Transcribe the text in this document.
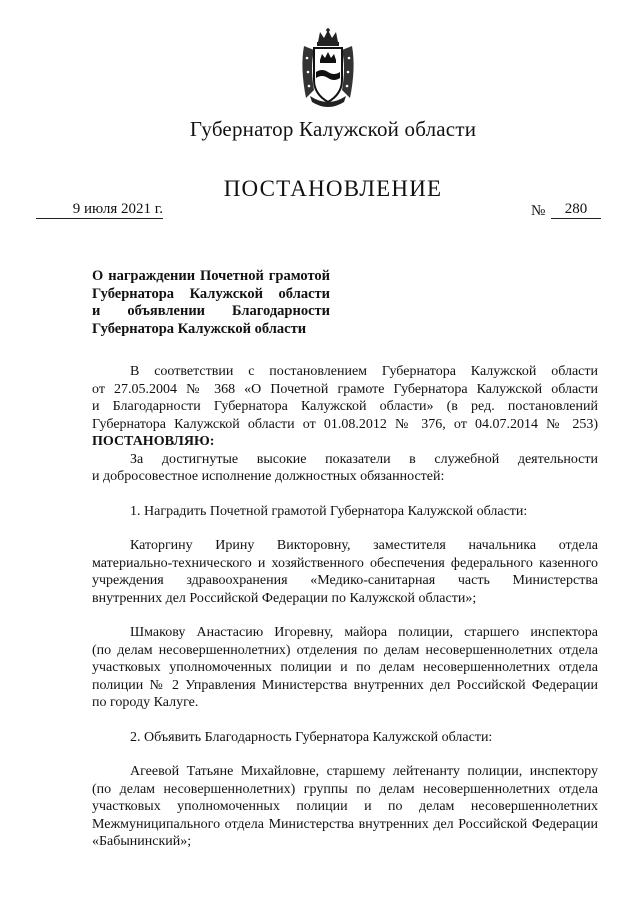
Губернатор Калужской области
ПОСТАНОВЛЕНИЕ
9 июля 2021 г.	№	280
О награждении Почетной грамотой
Губернатора Калужской области
и объявлении Благодарности
Губернатора Калужской области
В соответствии с постановлением Губернатора Калужской области
от 27.05.2004 № 368 «О Почетной грамоте Губернатора Калужской области
и Благодарности Губернатора Калужской области» (в ред. постановлений
Губернатора Калужской области от 01.08.2012 № 376, от 04.07.2014 № 253)
ПОСТАНОВЛЯЮ:
За достигнутые высокие показатели в служебной деятельности
и добросовестное исполнение должностных обязанностей:
1. Наградить Почетной грамотой Губернатора Калужской области:
Каторгину Ирину Викторовну, заместителя начальника отдела
материально-технического и хозяйственного обеспечения федерального казенного
учреждения здравоохранения «Медико-санитарная часть Министерства
внутренних дел Российской Федерации по Калужской области»;
Шмакову Анастасию Игоревну, майора полиции, старшего инспектора
(по делам несовершеннолетних) отделения по делам несовершеннолетних отдела
участковых уполномоченных полиции и по делам несовершеннолетних отдела
полиции № 2 Управления Министерства внутренних дел Российской Федерации
по городу Калуге.
2. Объявить Благодарность Губернатора Калужской области:
Агеевой Татьяне Михайловне, старшему лейтенанту полиции, инспектору
(по делам несовершеннолетних) группы по делам несовершеннолетних отдела
участковых уполномоченных полиции и по делам несовершеннолетних
Межмуниципального отдела Министерства внутренних дел Российской Федерации
«Бабынинский»;
